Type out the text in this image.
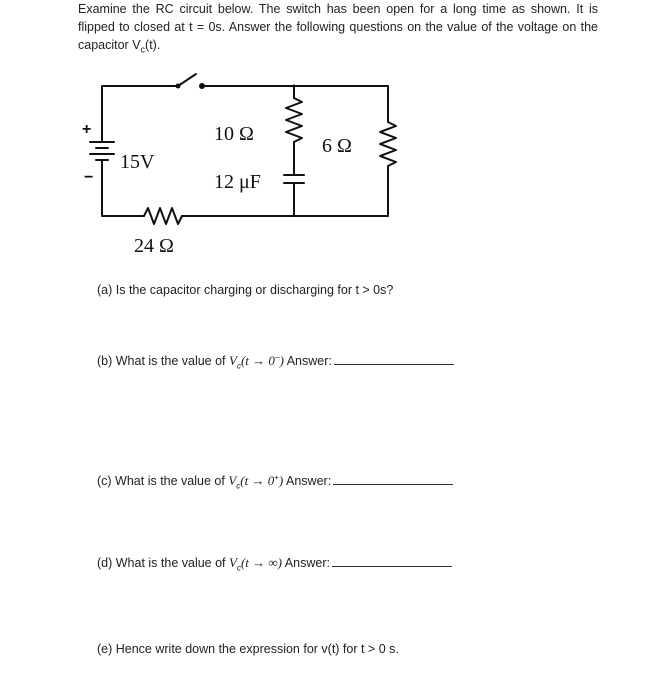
Examine the RC circuit below. The switch has been open for a long time as shown. It is flipped to closed at t = 0s. Answer the following questions on the value of the voltage on the capacitor $V_c(t)$.
+
−
15V
10 Ω
12 μF
6 Ω
24 Ω
(a) Is the capacitor charging or discharging for t > 0s?
(b) What is the value of $V_c(t \to 0^-)$ Answer:
(c) What is the value of $V_c(t \to 0^+)$ Answer:
(d) What is the value of $V_c(t$ → ∞) Answer:
(e) Hence write down the expression for v(t) for t > 0 s.
